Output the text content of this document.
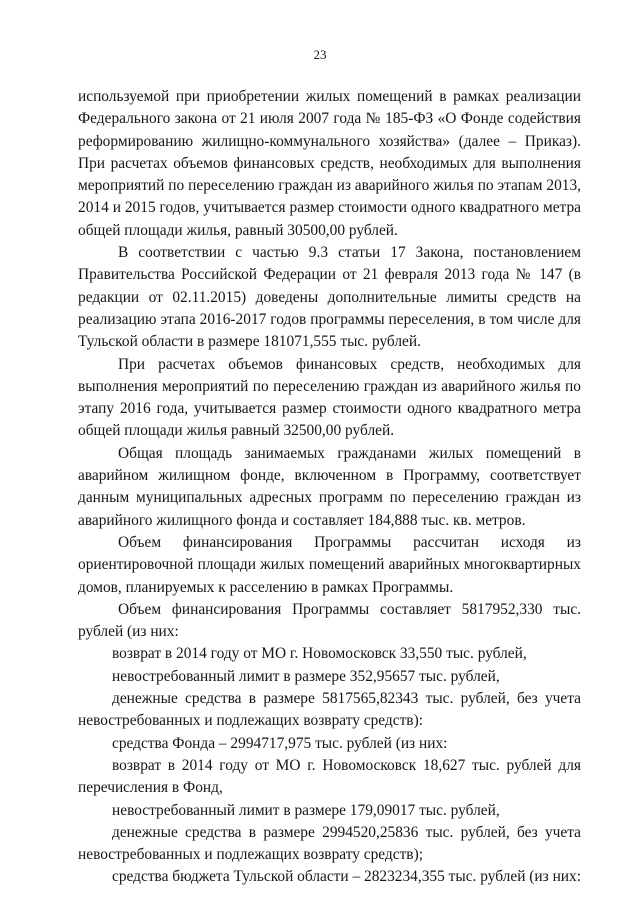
23

используемой при приобретении жилых помещений в рамках реализации Федерального закона от 21 июля 2007 года № 185-ФЗ «О Фонде содействия реформированию жилищно-коммунального хозяйства» (далее – Приказ). При расчетах объемов финансовых средств, необходимых для выполнения мероприятий по переселению граждан из аварийного жилья по этапам 2013, 2014 и 2015 годов, учитывается размер стоимости одного квадратного метра общей площади жилья, равный 30500,00 рублей.

В соответствии с частью 9.3 статьи 17 Закона, постановлением Правительства Российской Федерации от 21 февраля 2013 года № 147 (в редакции от 02.11.2015) доведены дополнительные лимиты средств на реализацию этапа 2016-2017 годов программы переселения, в том числе для Тульской области в размере 181071,555 тыс. рублей.

При расчетах объемов финансовых средств, необходимых для выполнения мероприятий по переселению граждан из аварийного жилья по этапу 2016 года, учитывается размер стоимости одного квадратного метра общей площади жилья равный 32500,00 рублей.

Общая площадь занимаемых гражданами жилых помещений в аварийном жилищном фонде, включенном в Программу, соответствует данным муниципальных адресных программ по переселению граждан из аварийного жилищного фонда и составляет 184,888 тыс. кв. метров.

Объем финансирования Программы рассчитан исходя из ориентировочной площади жилых помещений аварийных многоквартирных домов, планируемых к расселению в рамках Программы.

Объем финансирования Программы составляет 5817952,330 тыс. рублей (из них:

возврат в 2014 году от МО г. Новомосковск 33,550 тыс. рублей,

невостребованный лимит в размере 352,95657 тыс. рублей,

денежные средства в размере 5817565,82343 тыс. рублей, без учета невостребованных и подлежащих возврату средств):

средства Фонда – 2994717,975 тыс. рублей (из них:

возврат в 2014 году от МО г. Новомосковск 18,627 тыс. рублей для перечисления в Фонд,

невостребованный лимит в размере 179,09017 тыс. рублей,

денежные средства в размере 2994520,25836 тыс. рублей, без учета невостребованных и подлежащих возврату средств);

средства бюджета Тульской области – 2823234,355 тыс. рублей (из них:
